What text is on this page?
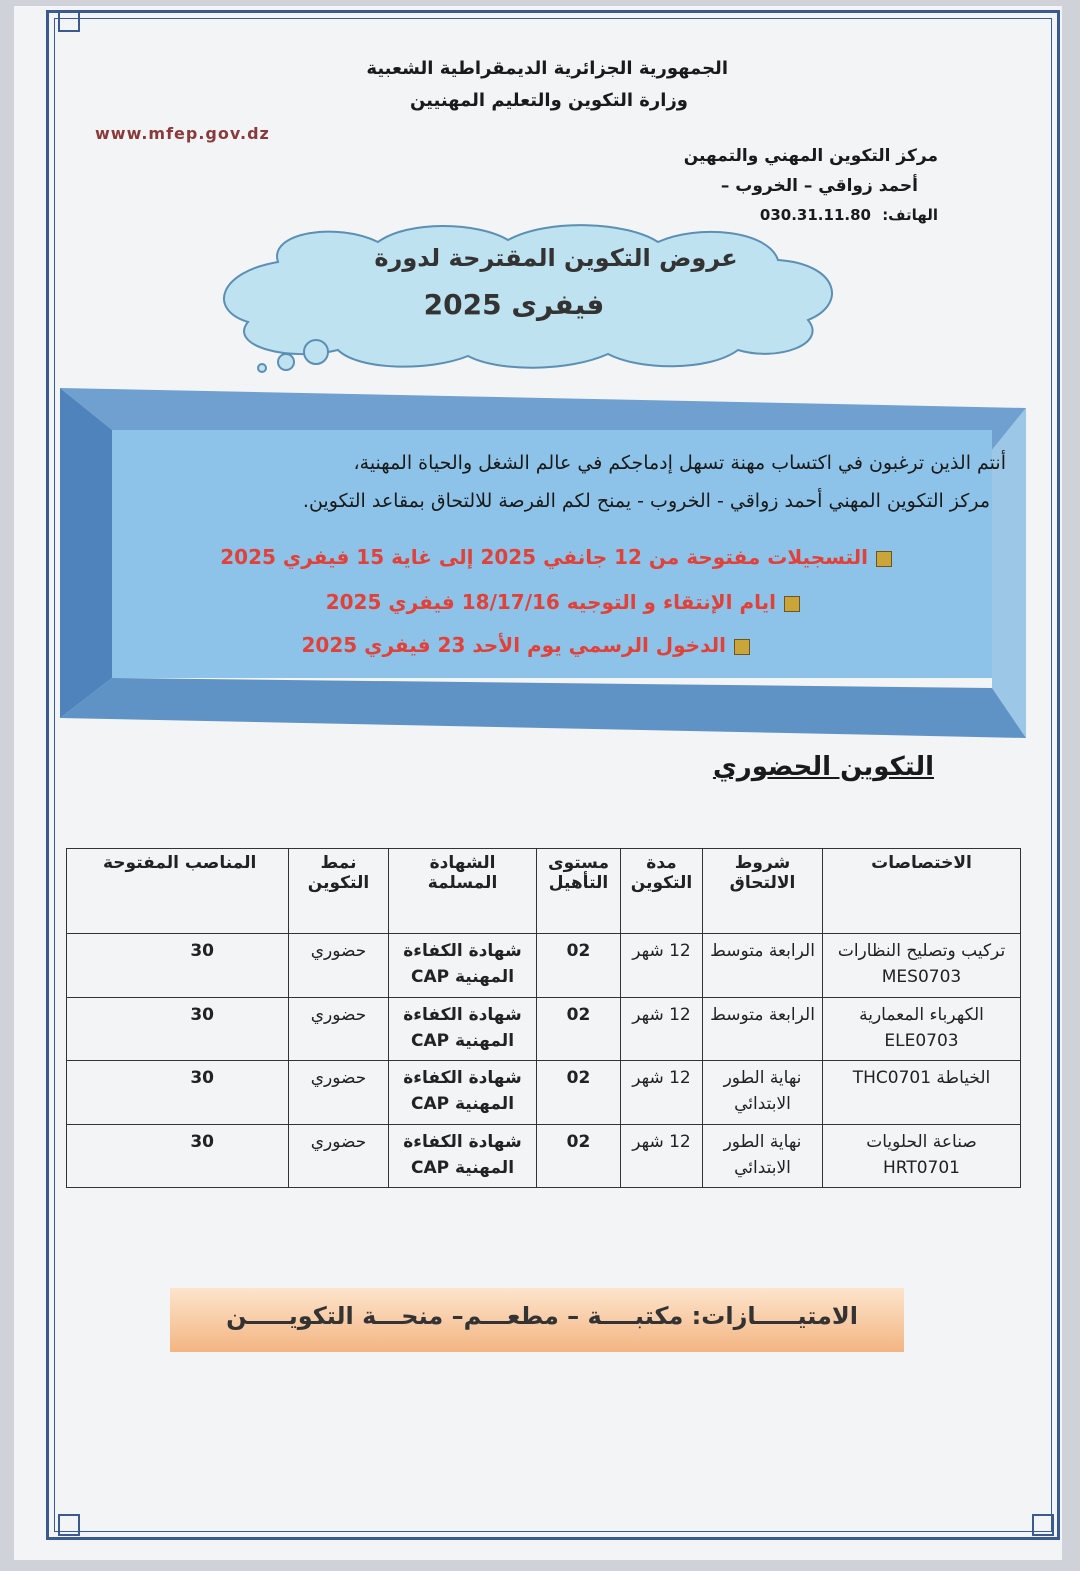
الجمهورية الجزائرية الديمقراطية الشعبية
وزارة التكوين والتعليم المهنيين
www.mfep.gov.dz
مركز التكوين المهني والتمهين
أحمد زواقي – الخروب –
الهاتف: 030.31.11.80
عروض التكوين المقترحة لدورة
فيفرى 2025
أنتم الذين ترغبون في اكتساب مهنة تسهل إدماجكم في عالم الشغل والحياة المهنية،
مركز التكوين المهني أحمد زواقي - الخروب - يمنح لكم الفرصة للالتحاق بمقاعد التكوين.
التسجيلات مفتوحة من 12 جانفي 2025 إلى غاية 15 فيفري 2025
ايام الإنتقاء و التوجيه 18/17/16 فيفري 2025
الدخول الرسمي يوم الأحد 23 فيفري 2025
التكوين الحضوري
الاختصاصات	شروط الالتحاق	مدة التكوين	مستوى التأهيل	الشهادة المسلمة	نمط التكوين	المناصب المفتوحة
تركيب وتصليح النظارات MES0703	الرابعة متوسط	12 شهر	02	شهادة الكفاءة المهنية CAP	حضوري	30
الكهرباء المعمارية ELE0703	الرابعة متوسط	12 شهر	02	شهادة الكفاءة المهنية CAP	حضوري	30
الخياطة THC0701	نهاية الطور الابتدائي	12 شهر	02	شهادة الكفاءة المهنية CAP	حضوري	30
صناعة الحلويات HRT0701	نهاية الطور الابتدائي	12 شهر	02	شهادة الكفاءة المهنية CAP	حضوري	30
الامتيـــــازات: مكتبــــة – مطعـــم– منحـــة التكويـــــن
